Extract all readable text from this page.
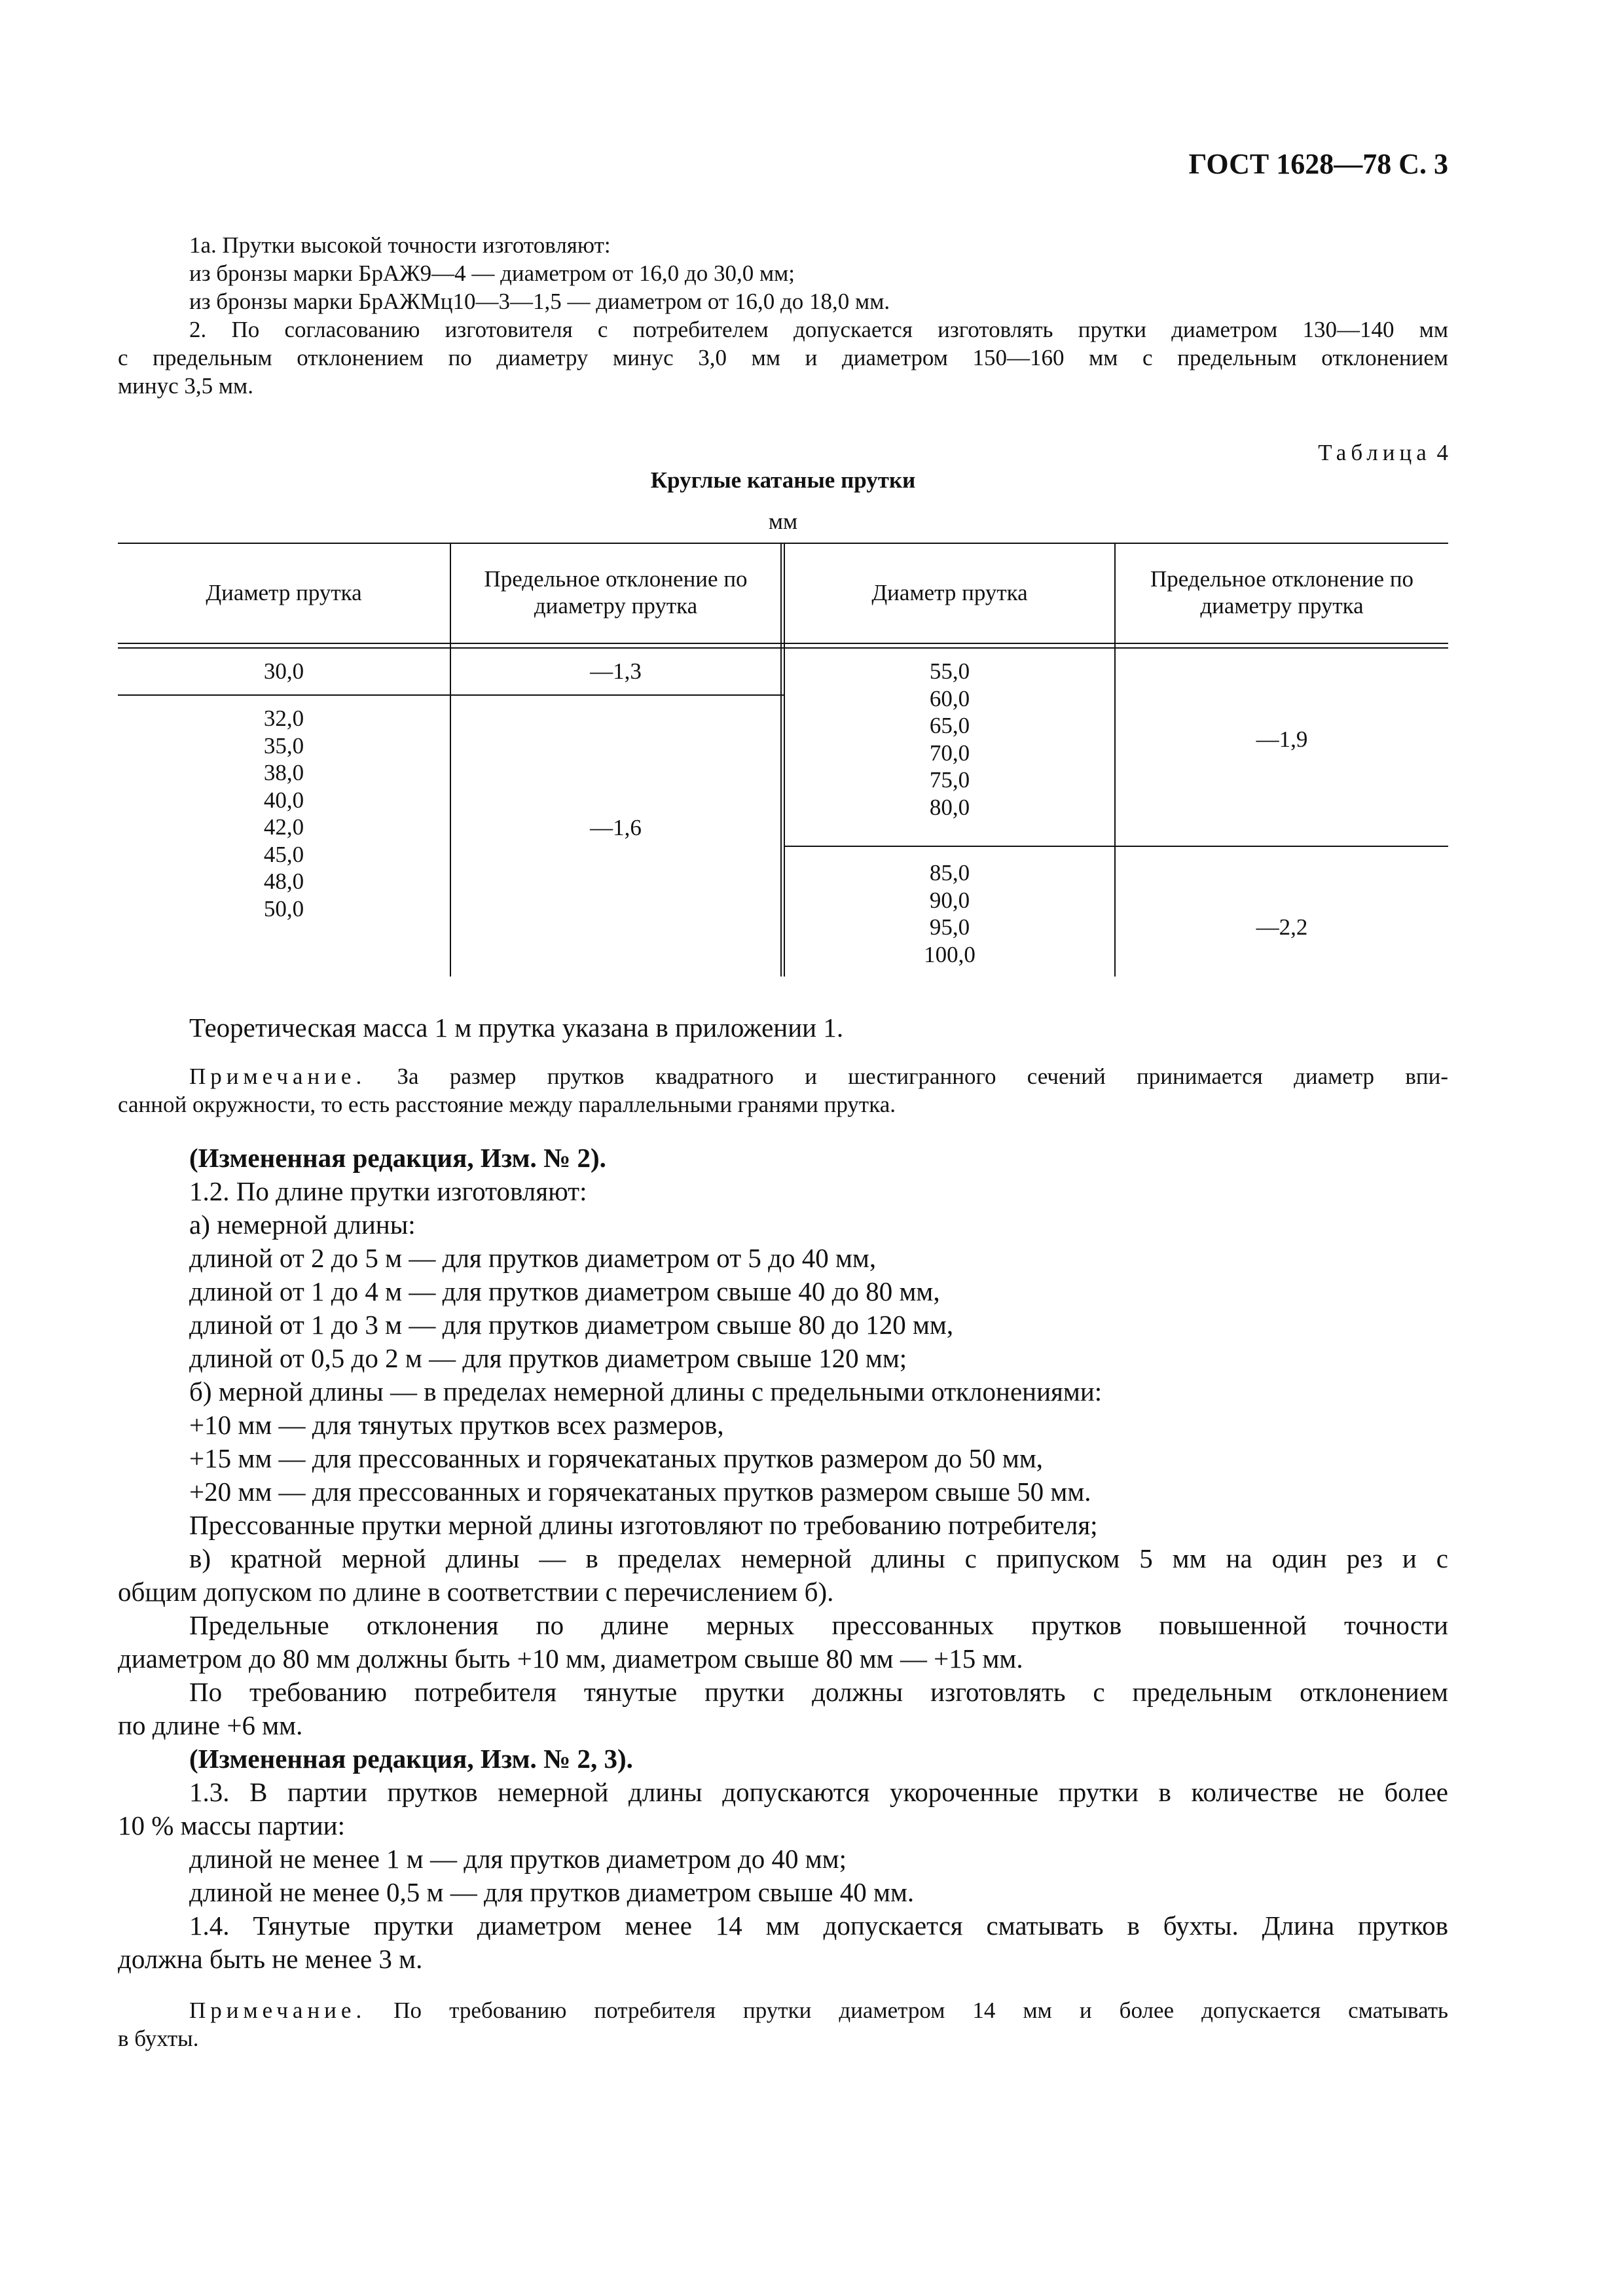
ГОСТ 1628—78 С. 3
1а. Прутки высокой точности изготовляют:
из бронзы марки БрАЖ9—4 — диаметром от 16,0 до 30,0 мм;
из бронзы марки БрАЖМц10—3—1,5 — диаметром от 16,0 до 18,0 мм.
2. По согласованию изготовителя с потребителем допускается изготовлять прутки диаметром 130—140 мм
с предельным отклонением по диаметру минус 3,0 мм и диаметром 150—160 мм с предельным отклонением
минус 3,5 мм.
Таблица 4
Круглые катаные прутки
мм
Диаметр прутка
Предельное отклонение по
диаметру прутка
Диаметр прутка
Предельное отклонение по
диаметру прутка
30,0	—1,3
32,0
35,0
38,0
40,0
42,0
45,0
48,0
50,0
—1,6
55,0
60,0
65,0
70,0
75,0
80,0
—1,9
85,0
90,0
95,0
100,0
—2,2
Теоретическая масса 1 м прутка указана в приложении 1.
Примечание. За размер прутков квадратного и шестигранного сечений принимается диаметр впи-
санной окружности, то есть расстояние между параллельными гранями прутка.
(Измененная редакция, Изм. № 2).
1.2. По длине прутки изготовляют:
а) немерной длины:
длиной от 2 до 5 м — для прутков диаметром от 5 до 40 мм,
длиной от 1 до 4 м — для прутков диаметром свыше 40 до 80 мм,
длиной от 1 до 3 м — для прутков диаметром свыше 80 до 120 мм,
длиной от 0,5 до 2 м — для прутков диаметром свыше 120 мм;
б) мерной длины — в пределах немерной длины с предельными отклонениями:
+10 мм — для тянутых прутков всех размеров,
+15 мм — для прессованных и горячекатаных прутков размером до 50 мм,
+20 мм — для прессованных и горячекатаных прутков размером свыше 50 мм.
Прессованные прутки мерной длины изготовляют по требованию потребителя;
в) кратной мерной длины — в пределах немерной длины с припуском 5 мм на один рез и с
общим допуском по длине в соответствии с перечислением б).
Предельные отклонения по длине мерных прессованных прутков повышенной точности
диаметром до 80 мм должны быть +10 мм, диаметром свыше 80 мм — +15 мм.
По требованию потребителя тянутые прутки должны изготовлять с предельным отклонением
по длине +6 мм.
(Измененная редакция, Изм. № 2, 3).
1.3. В партии прутков немерной длины допускаются укороченные прутки в количестве не более
10 % массы партии:
длиной не менее 1 м — для прутков диаметром до 40 мм;
длиной не менее 0,5 м — для прутков диаметром свыше 40 мм.
1.4. Тянутые прутки диаметром менее 14 мм допускается сматывать в бухты. Длина прутков
должна быть не менее 3 м.
Примечание. По требованию потребителя прутки диаметром 14 мм и более допускается сматывать
в бухты.
